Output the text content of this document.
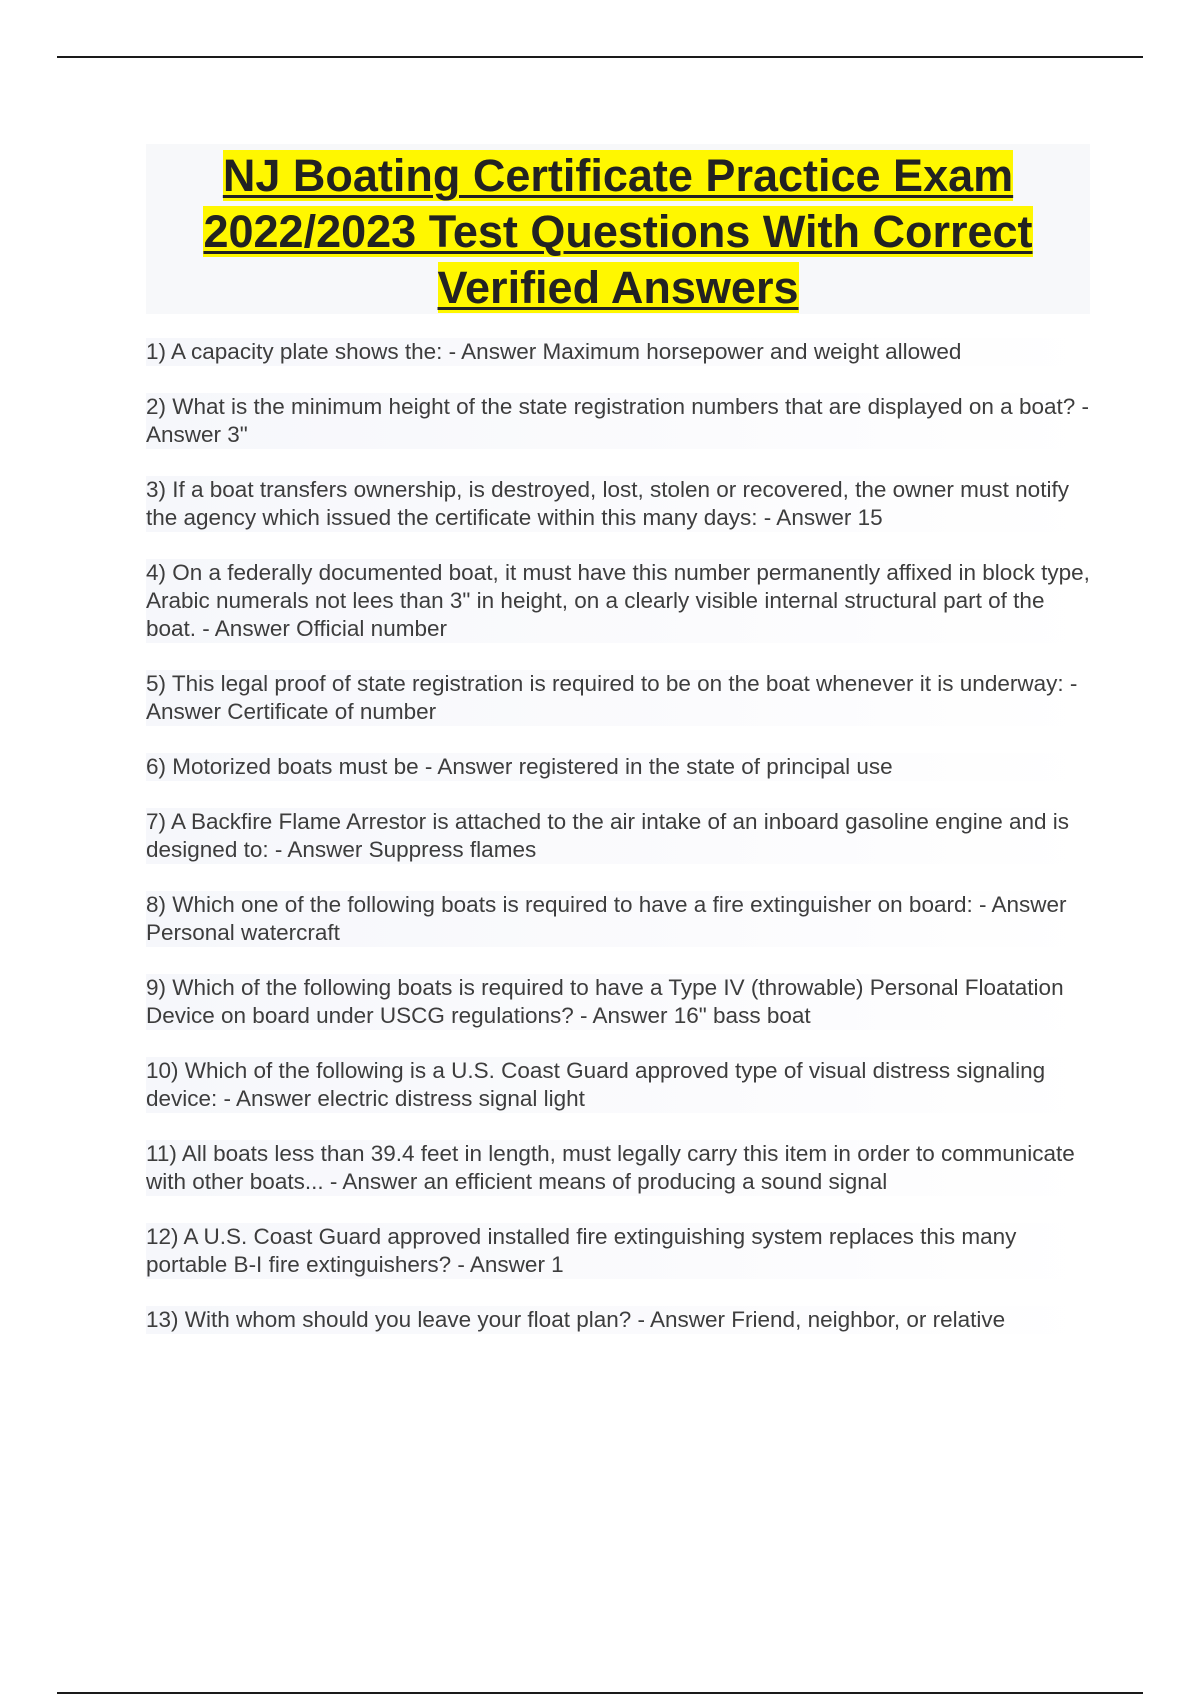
NJ Boating Certificate Practice Exam 2022/2023 Test Questions With Correct Verified Answers
1) A capacity plate shows the: - Answer Maximum horsepower and weight allowed
2) What is the minimum height of the state registration numbers that are displayed on a boat? - Answer 3"
3) If a boat transfers ownership, is destroyed, lost, stolen or recovered, the owner must notify the agency which issued the certificate within this many days: - Answer 15
4) On a federally documented boat, it must have this number permanently affixed in block type, Arabic numerals not lees than 3" in height, on a clearly visible internal structural part of the boat. - Answer Official number
5) This legal proof of state registration is required to be on the boat whenever it is underway: - Answer Certificate of number
6) Motorized boats must be - Answer registered in the state of principal use
7) A Backfire Flame Arrestor is attached to the air intake of an inboard gasoline engine and is designed to: - Answer Suppress flames
8) Which one of the following boats is required to have a fire extinguisher on board: - Answer Personal watercraft
9) Which of the following boats is required to have a Type IV (throwable) Personal Floatation Device on board under USCG regulations? - Answer 16" bass boat
10) Which of the following is a U.S. Coast Guard approved type of visual distress signaling device: - Answer electric distress signal light
11) All boats less than 39.4 feet in length, must legally carry this item in order to communicate with other boats... - Answer an efficient means of producing a sound signal
12) A U.S. Coast Guard approved installed fire extinguishing system replaces this many portable B-I fire extinguishers? - Answer 1
13) With whom should you leave your float plan? - Answer Friend, neighbor, or relative
